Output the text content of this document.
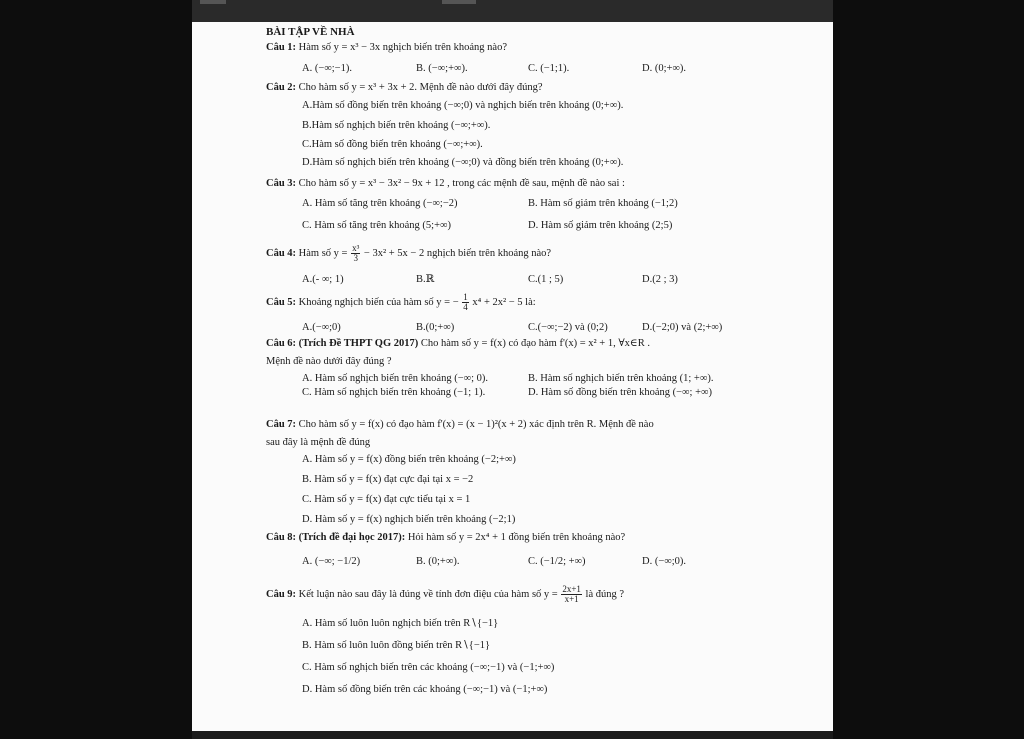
BÀI TẬP VỀ NHÀ
Câu 1: Hàm số y = x³ − 3x nghịch biến trên khoảng nào?
A. (−∞;−1).	B. (−∞;+∞).	C. (−1;1).	D. (0;+∞).
Câu 2: Cho hàm số y = x³ + 3x + 2. Mệnh đề nào dưới đây đúng?
A.Hàm số đồng biến trên khoảng (−∞;0) và nghịch biến trên khoảng (0;+∞).
B.Hàm số nghịch biến trên khoảng (−∞;+∞).
C.Hàm số đồng biến trên khoảng (−∞;+∞).
D.Hàm số nghịch biến trên khoảng (−∞;0) và đồng biến trên khoảng (0;+∞).
Câu 3: Cho hàm số y = x³ − 3x² − 9x + 12 , trong các mệnh đề sau, mệnh đề nào sai :
A. Hàm số tăng trên khoảng (−∞;−2)	B. Hàm số giảm trên khoảng (−1;2)
C. Hàm số tăng trên khoảng (5;+∞)	D. Hàm số giảm trên khoảng (2;5)
Câu 4: Hàm số $y = \frac{\text{x³}}{3} - 3x^2 + 5x - 2$ nghịch biến trên khoảng nào?
A.(- ∞; 1)	B.ℝ	C.(1 ; 5)	D.(2 ; 3)
Câu 5: Khoảng nghịch biến của hàm số y = − $\frac{1}{4} x^4 + 2x^2 - 5$ là:
A.(−∞;0)	B.(0;+∞)	C.(−∞;−2) và (0;2)	D.(−2;0) và (2;+∞)
Câu 6: (Trích Đề THPT QG 2017) Cho hàm số y = f(x) có đạo hàm f'(x) = x² + 1, ∀x∈R .
Mệnh đề nào dưới đây đúng ?
A. Hàm số nghịch biến trên khoảng (−∞; 0).	B. Hàm số nghịch biến trên khoảng (1; +∞).
C. Hàm số nghịch biến trên khoảng (−1; 1).	D. Hàm số đồng biến trên khoảng (−∞; +∞)
Câu 7: Cho hàm số y = f(x) có đạo hàm f'(x) = (x − 1)²(x + 2) xác định trên R. Mệnh đề nào
sau đây là mệnh đề đúng
A. Hàm số y = f(x) đồng biến trên khoảng (−2;+∞)
B. Hàm số y = f(x) đạt cực đại tại x = −2
C. Hàm số y = f(x) đạt cực tiểu tại x = 1
D. Hàm số y = f(x) nghịch biến trên khoảng (−2;1)
Câu 8: (Trích đề đại học 2017): Hỏi hàm số y = 2x⁴ + 1 đồng biến trên khoảng nào?
A. (−∞; −1/2)	B. (0;+∞).	C. (−1/2; +∞)	D. (−∞;0).
Câu 9: Kết luận nào sau đây là đúng về tính đơn điệu của hàm số $y = \frac{2x+1}{x+1}$ là đúng ?
A. Hàm số luôn luôn nghịch biến trên R∖{−1}
B. Hàm số luôn luôn đồng biến trên R∖{−1}
C. Hàm số nghịch biến trên các khoảng (−∞;−1) và (−1;+∞)
D. Hàm số đồng biến trên các khoảng (−∞;−1) và (−1;+∞)
